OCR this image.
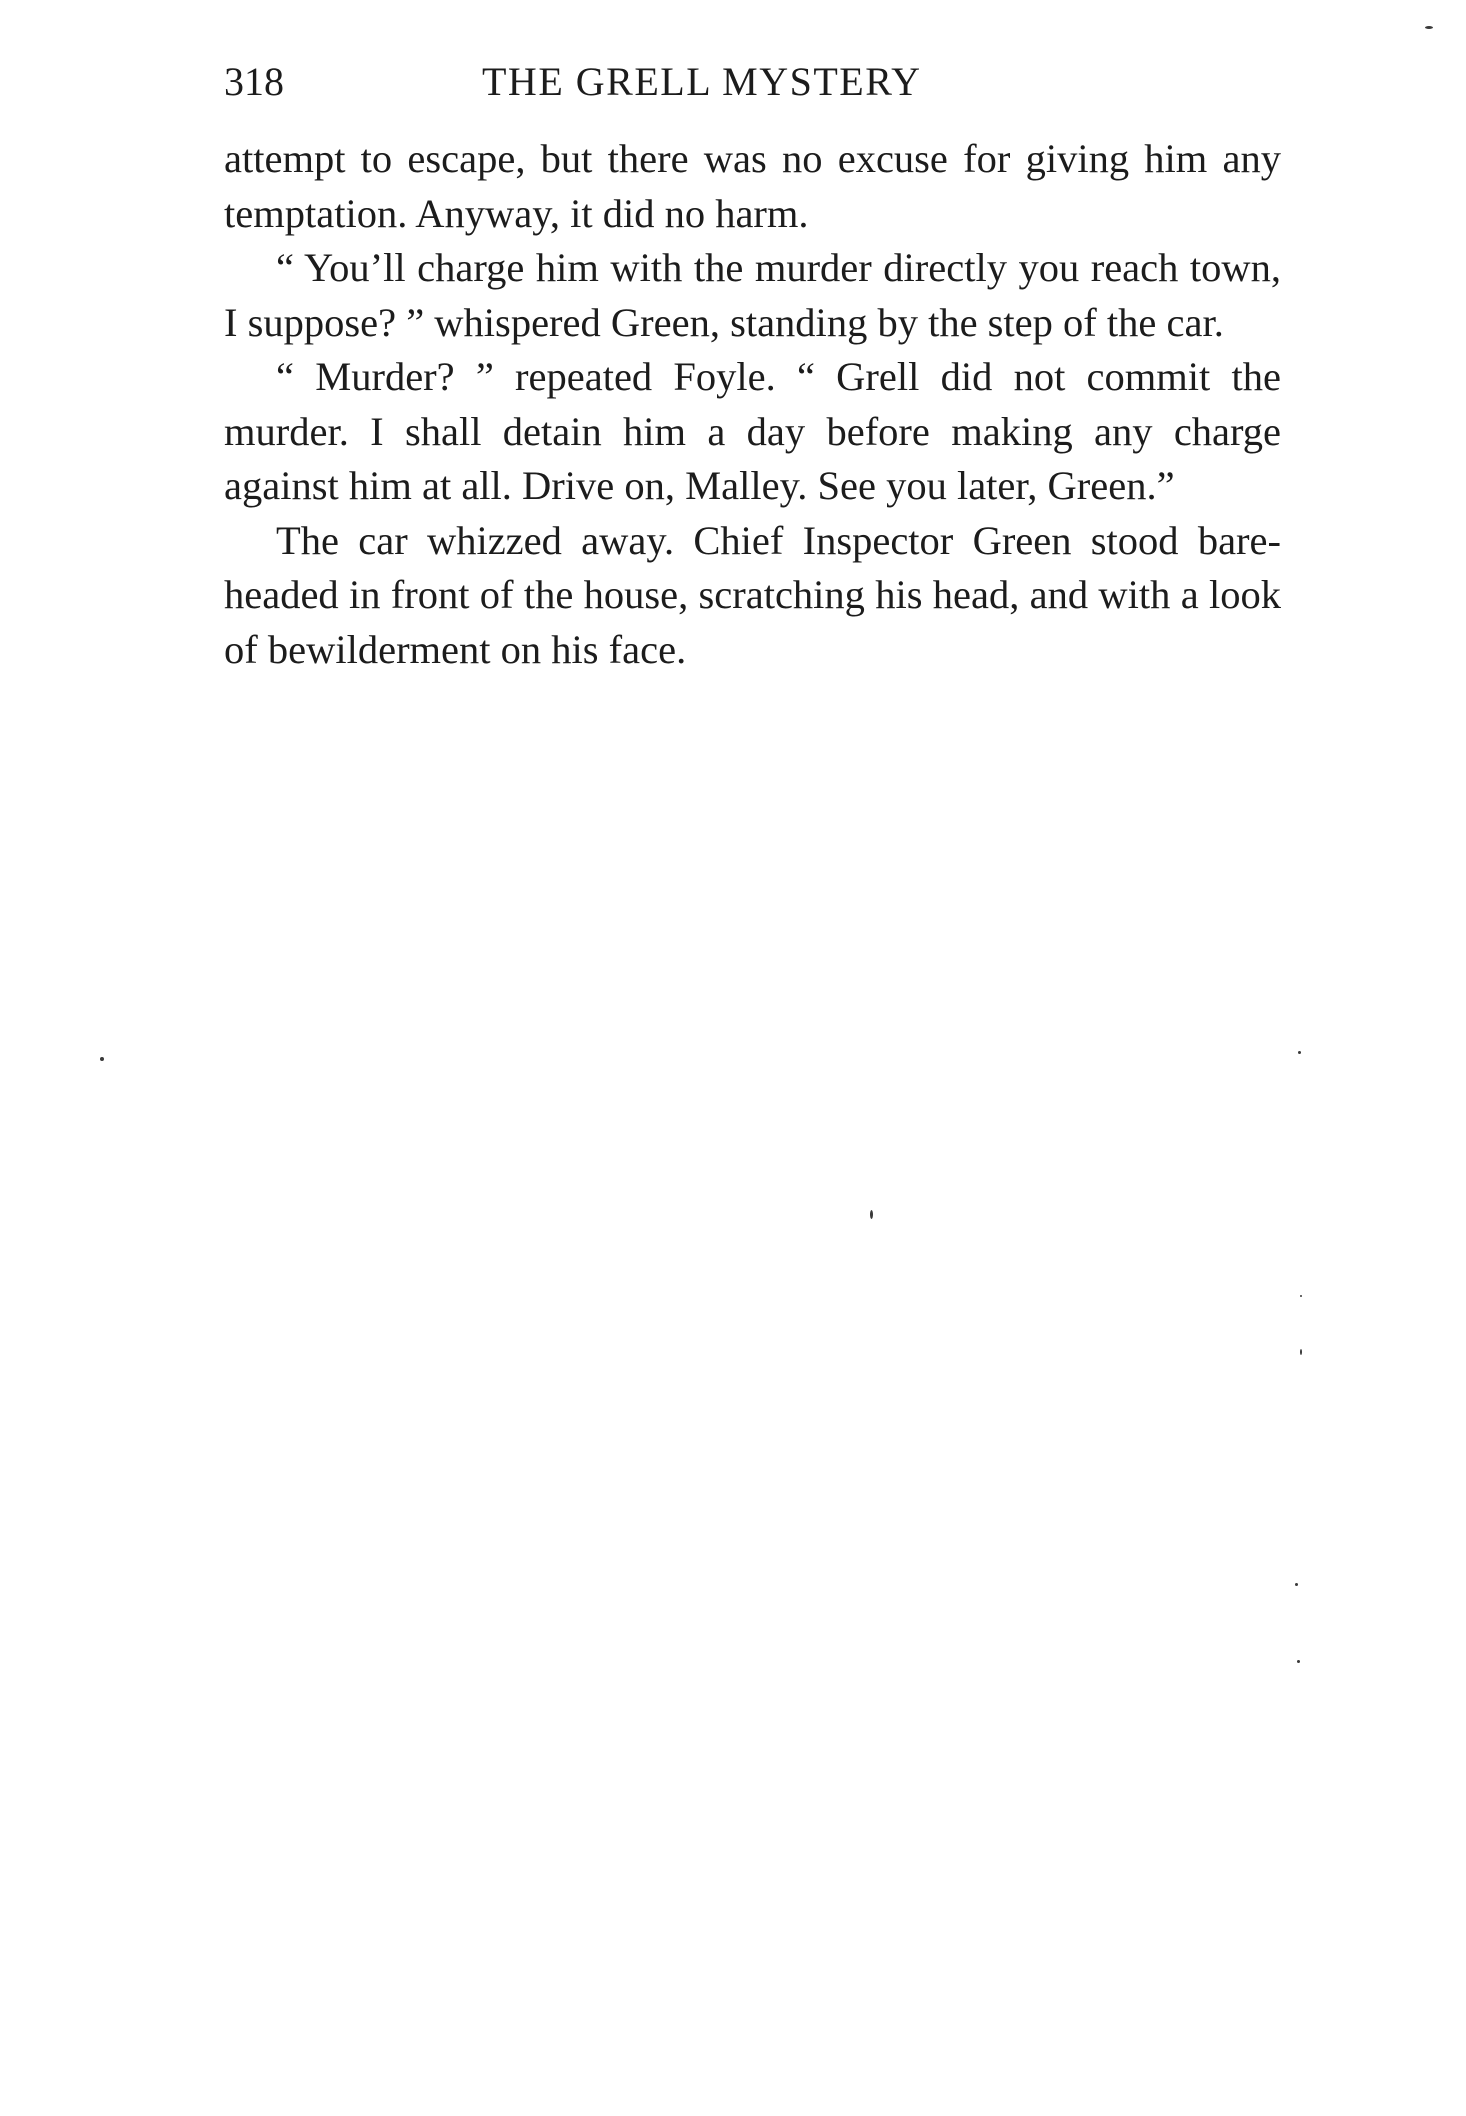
318	THE GRELL MYSTERY

attempt to escape, but there was no excuse for giving him any temptation. Anyway, it did no harm.

“ You’ll charge him with the murder directly you reach town, I suppose? ” whispered Green, standing by the step of the car.

“ Murder? ” repeated Foyle. “ Grell did not commit the murder. I shall detain him a day before making any charge against him at all. Drive on, Malley. See you later, Green.”

The car whizzed away. Chief Inspector Green stood bare-headed in front of the house, scratching his head, and with a look of bewilderment on his face.
